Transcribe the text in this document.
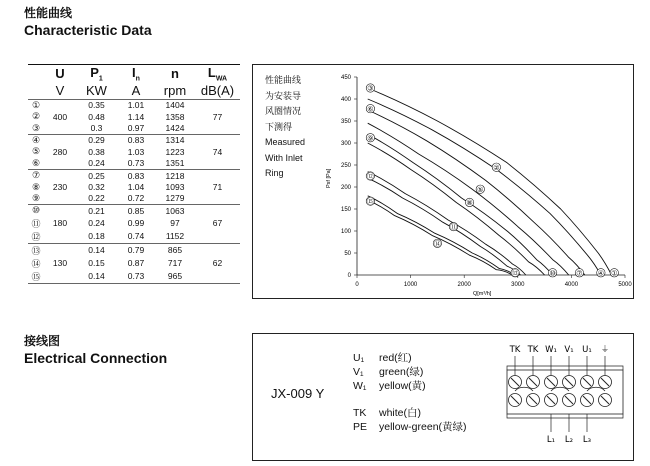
性能曲线
Characteristic Data
	U	$P_1$	$I_n$	n	$L_{WA}$
	V	KW	A	rpm	dB(A)
①		0.35	1.01	1404	
②	400	0.48	1.14	1358	77
③		0.3	0.97	1424	
④		0.29	0.83	1314	
⑤	280	0.38	1.03	1223	74
⑥		0.24	0.73	1351	
⑦		0.25	0.83	1218	
⑧	230	0.32	1.04	1093	71
⑨		0.22	0.72	1279	
⑩		0.21	0.85	1063	
⑪	180	0.24	0.99	97	67
⑫		0.18	0.74	1152	
⑬		0.14	0.79	865	
⑭	130	0.15	0.87	717	62
⑮		0.14	0.73	965	

性能曲线
为安装导
风圈情况
下测得
Measured
With Inlet
Ring
0	1000	2000	3000	4000	5000
0
50
100
150
200
250
300
350
400
450
Q[m³/h]
Psf [Pa]
③
②
⑥
⑤
⑨
⑧
⑫
⑪
⑮
⑭
⑬	⑩	⑦ ④ ①
接线图
Electrical Connection
JX-009 Y
U₁ red(红)
V₁ green(绿)
W₁ yellow(黄)
TK white(白)
PE yellow-green(黄绿)
TK TK W₁ V₁ U₁ ⏚
L₁ L₂ L₃
